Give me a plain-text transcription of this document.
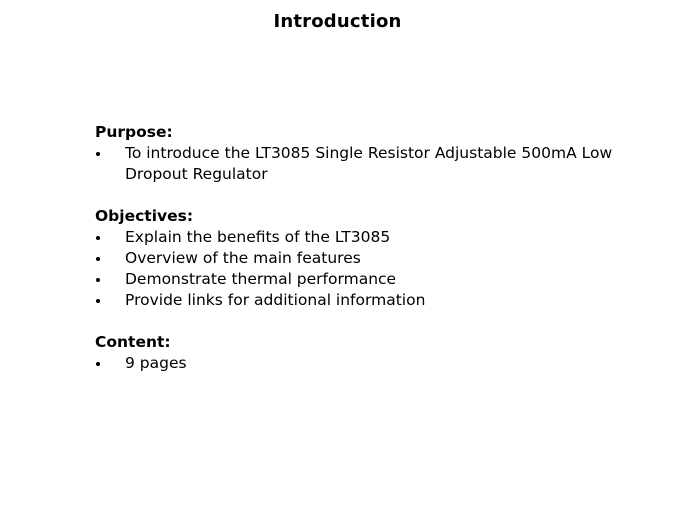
Introduction
Purpose:
To introduce the LT3085 Single Resistor Adjustable 500mA Low Dropout Regulator
Objectives:
Explain the benefits of the LT3085
Overview of the main features
Demonstrate thermal performance
Provide links for additional information
Content:
9 pages
